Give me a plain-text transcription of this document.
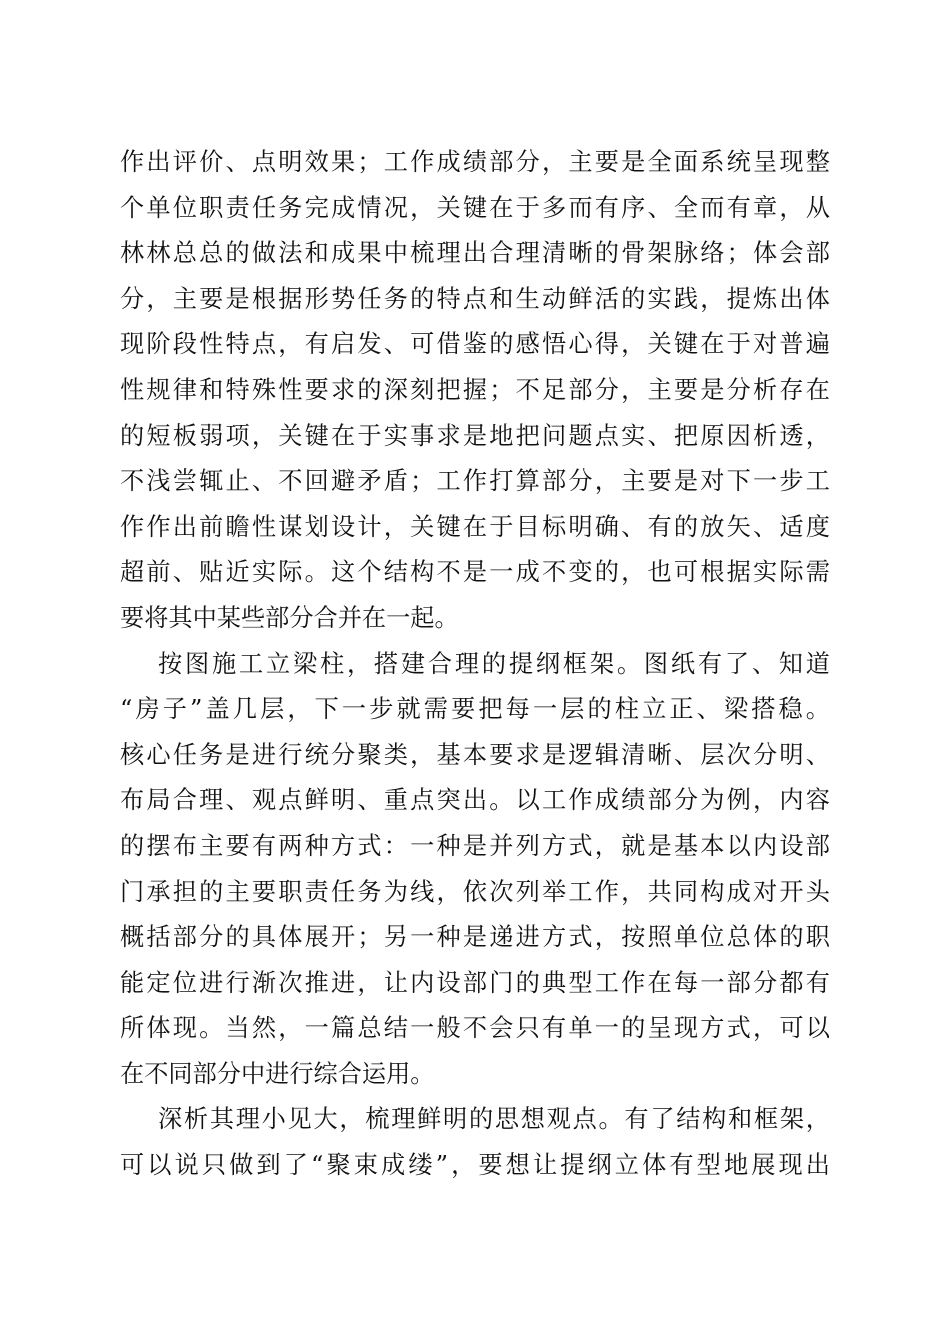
作出评价、点明效果；工作成绩部分，主要是全面系统呈现整
个单位职责任务完成情况，关键在于多而有序、全而有章，从
林林总总的做法和成果中梳理出合理清晰的骨架脉络；体会部
分，主要是根据形势任务的特点和生动鲜活的实践，提炼出体
现阶段性特点，有启发、可借鉴的感悟心得，关键在于对普遍
性规律和特殊性要求的深刻把握；不足部分，主要是分析存在
的短板弱项，关键在于实事求是地把问题点实、把原因析透，
不浅尝辄止、不回避矛盾；工作打算部分，主要是对下一步工
作作出前瞻性谋划设计，关键在于目标明确、有的放矢、适度
超前、贴近实际。这个结构不是一成不变的，也可根据实际需
要将其中某些部分合并在一起。
按图施工立梁柱，搭建合理的提纲框架。图纸有了、知道
“房子”盖几层，下一步就需要把每一层的柱立正、梁搭稳。
核心任务是进行统分聚类，基本要求是逻辑清晰、层次分明、
布局合理、观点鲜明、重点突出。以工作成绩部分为例，内容
的摆布主要有两种方式：一种是并列方式，就是基本以内设部
门承担的主要职责任务为线，依次列举工作，共同构成对开头
概括部分的具体展开；另一种是递进方式，按照单位总体的职
能定位进行渐次推进，让内设部门的典型工作在每一部分都有
所体现。当然，一篇总结一般不会只有单一的呈现方式，可以
在不同部分中进行综合运用。
深析其理小见大，梳理鲜明的思想观点。有了结构和框架，
可以说只做到了“聚束成缕”，要想让提纲立体有型地展现出
